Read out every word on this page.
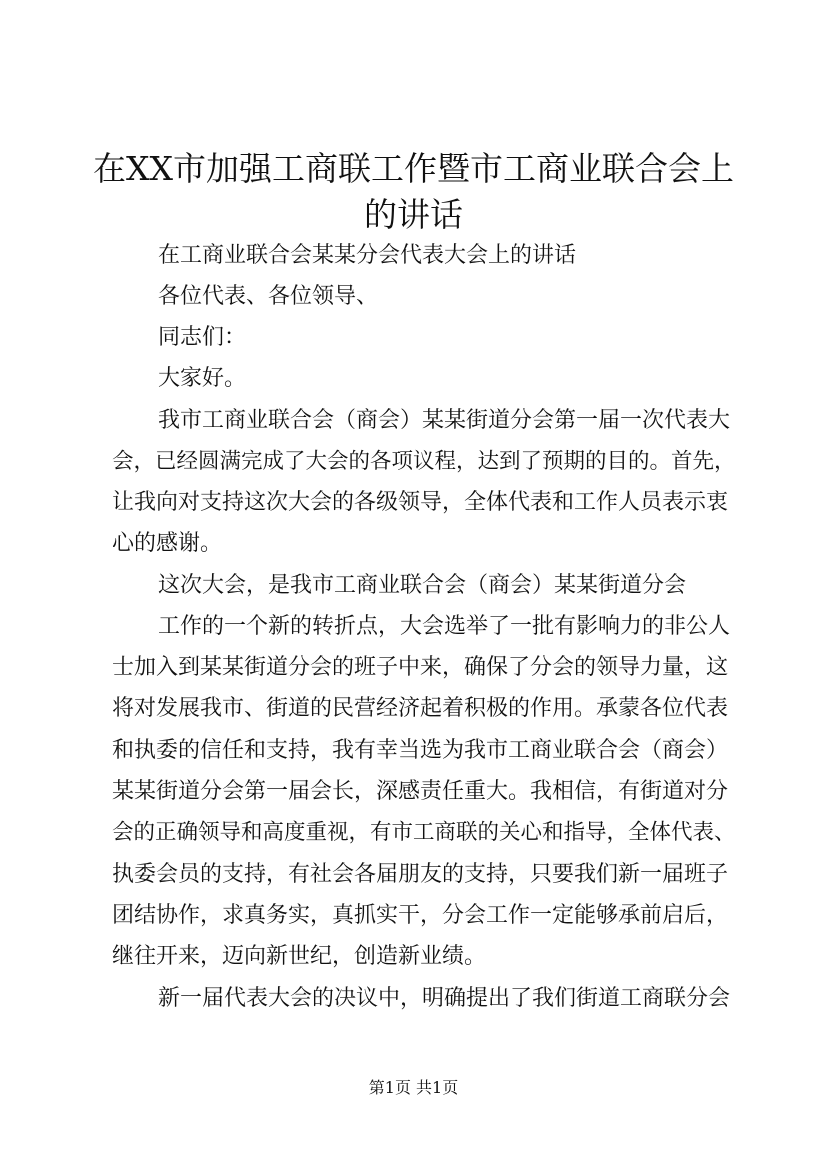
在XX市加强工商联工作暨市工商业联合会上
的讲话

在工商业联合会某某分会代表大会上的讲话

各位代表、各位领导、

同志们：

大家好。

我市工商业联合会（商会）某某街道分会第一届一次代表大

会，已经圆满完成了大会的各项议程，达到了预期的目的。首先，

让我向对支持这次大会的各级领导，全体代表和工作人员表示衷

心的感谢。

这次大会，是我市工商业联合会（商会）某某街道分会

工作的一个新的转折点，大会选举了一批有影响力的非公人

士加入到某某街道分会的班子中来，确保了分会的领导力量，这

将对发展我市、街道的民营经济起着积极的作用。承蒙各位代表

和执委的信任和支持，我有幸当选为我市工商业联合会（商会）

某某街道分会第一届会长，深感责任重大。我相信，有街道对分

会的正确领导和高度重视，有市工商联的关心和指导，全体代表、

执委会员的支持，有社会各届朋友的支持，只要我们新一届班子

团结协作，求真务实，真抓实干，分会工作一定能够承前启后，

继往开来，迈向新世纪，创造新业绩。

新一届代表大会的决议中，明确提出了我们街道工商联分会

第1页 共1页
